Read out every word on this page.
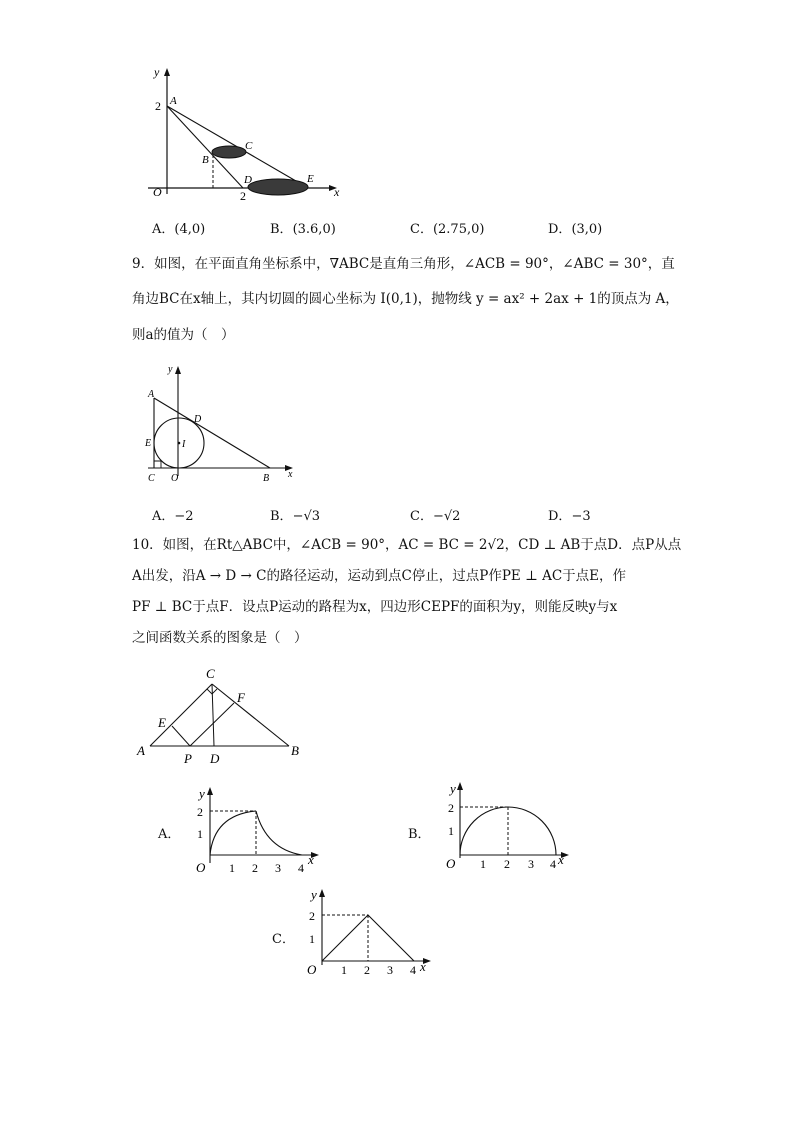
y
x
O
2 A
B
C
D	E
2
A．(4,0)	B．(3.6,0)	C．(2.75,0)	D．(3,0)
9．如图，在平面直角坐标系中，∇ABC是直角三角形，∠ACB = 90°，∠ABC = 30°，直
角边BC在x轴上，其内切圆的圆心坐标为 I(0,1)，抛物线 y = ax² + 2ax + 1的顶点为 A，
则a的值为（　）
y
x
A
B
C
D
E	I
O
A．−2	B．−√3	C．−√2	D．−3
10．如图，在Rt△ABC中，∠ACB = 90°，AC = BC = 2√2，CD ⊥ AB于点D．点P从点
A出发，沿A → D → C的路径运动，运动到点C停止，过点P作PE ⊥ AC于点E，作
PF ⊥ BC于点F．设点P运动的路程为x，四边形CEPF的面积为y，则能反映y与x
之间函数关系的图象是（　）
A	B
C
D
E
F
P
A．	B．
C．
y
x
O
2
1
1 2 3 4
y
x
O
2
1
1 2 3 4
y
x
O
2
1
1 2 3 4
